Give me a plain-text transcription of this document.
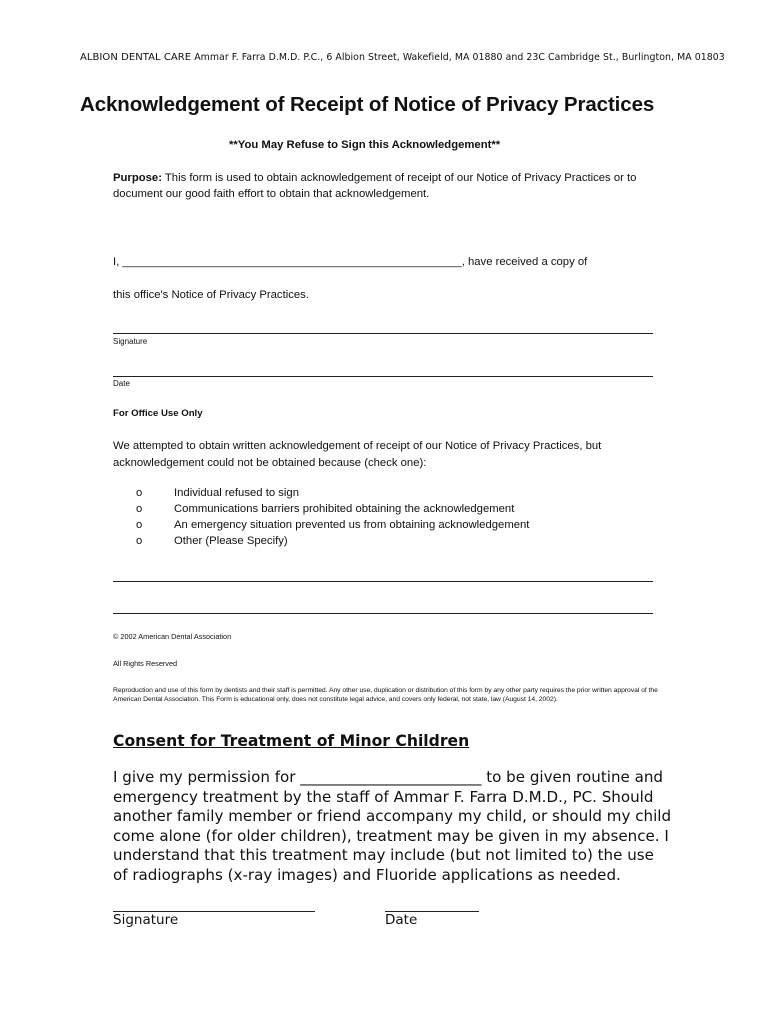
ALBION DENTAL CARE Ammar F. Farra D.M.D. P.C., 6 Albion Street, Wakefield, MA 01880 and 23C Cambridge St., Burlington, MA 01803
Acknowledgement of Receipt of Notice of Privacy Practices
**You May Refuse to Sign this Acknowledgement**
Purpose: This form is used to obtain acknowledgement of receipt of our Notice of Privacy Practices or to document our good faith effort to obtain that acknowledgement.
I, ______________________________________________________, have received a copy of
this office's Notice of Privacy Practices.
Signature
Date
For Office Use Only
We attempted to obtain written acknowledgement of receipt of our Notice of Privacy Practices, but acknowledgement could not be obtained because (check one):
o	Individual refused to sign
o	Communications barriers prohibited obtaining the acknowledgement
o	An emergency situation prevented us from obtaining acknowledgement
o	Other (Please Specify)
© 2002 American Dental Association
All Rights Reserved
Reproduction and use of this form by dentists and their staff is permitted. Any other use, duplication or distribution of this form by any other party requires the prior written approval of the American Dental Association. This Form is educational only, does not constitute legal advice, and covers only federal, not state, law (August 14, 2002).
Consent for Treatment of Minor Children
I give my permission for ________________________ to be given routine and emergency treatment by the staff of Ammar F. Farra D.M.D., PC. Should another family member or friend accompany my child, or should my child come alone (for older children), treatment may be given in my absence. I understand that this treatment may include (but not limited to) the use of radiographs (x-ray images) and Fluoride applications as needed.
Signature	Date
